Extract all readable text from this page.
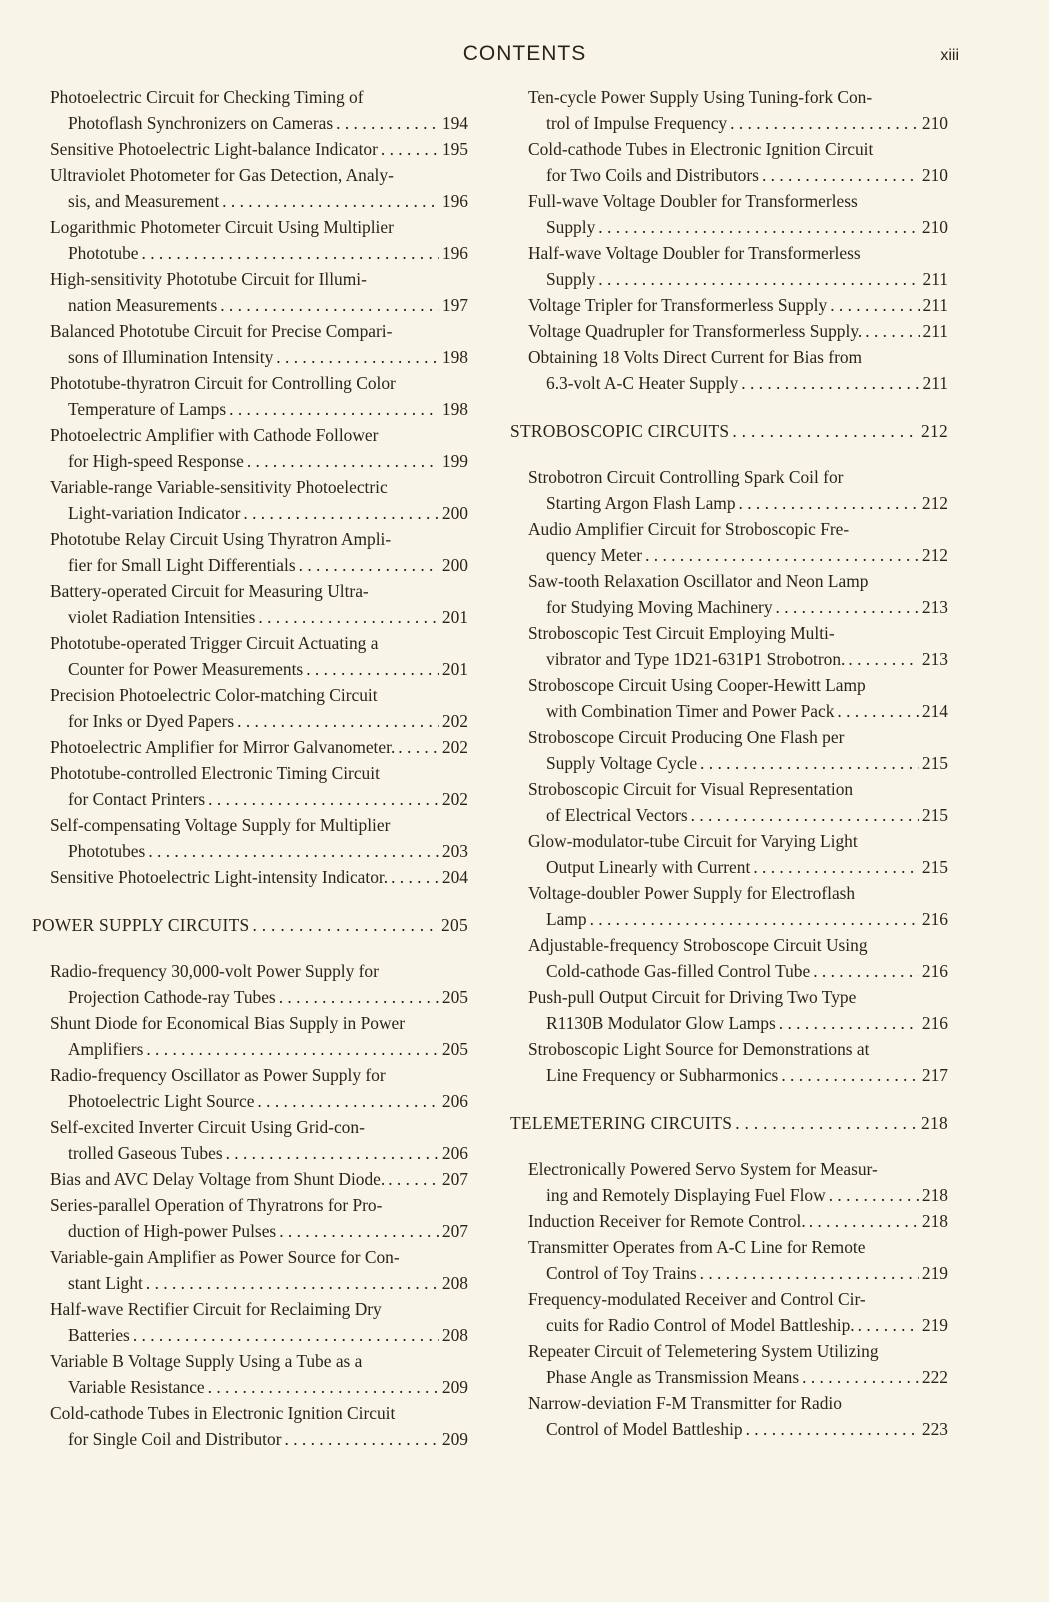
CONTENTS	xiii

Photoelectric Circuit for Checking Timing of
Photoflash Synchronizers on Cameras . . .	194

Sensitive Photoelectric Light-balance Indicator . . .	195

Ultraviolet Photometer for Gas Detection, Analy-
sis, and Measurement . . .	196

Logarithmic Photometer Circuit Using Multiplier
Phototube . . .	196

High-sensitivity Phototube Circuit for Illumi-
nation Measurements . . .	197

Balanced Phototube Circuit for Precise Compari-
sons of Illumination Intensity . . .	198

Phototube-thyratron Circuit for Controlling Color
Temperature of Lamps . . .	198

Photoelectric Amplifier with Cathode Follower
for High-speed Response . . .	199

Variable-range Variable-sensitivity Photoelectric
Light-variation Indicator . . .	200

Phototube Relay Circuit Using Thyratron Ampli-
fier for Small Light Differentials . . .	200

Battery-operated Circuit for Measuring Ultra-
violet Radiation Intensities . . .	201

Phototube-operated Trigger Circuit Actuating a
Counter for Power Measurements . . .	201

Precision Photoelectric Color-matching Circuit
for Inks or Dyed Papers . . .	202

Photoelectric Amplifier for Mirror Galvanometer. . . .	202

Phototube-controlled Electronic Timing Circuit
for Contact Printers . . .	202

Self-compensating Voltage Supply for Multiplier
Phototubes . . .	203

Sensitive Photoelectric Light-intensity Indicator. . . .	204

POWER SUPPLY CIRCUITS . . .	205

Radio-frequency 30,000-volt Power Supply for
Projection Cathode-ray Tubes . . .	205

Shunt Diode for Economical Bias Supply in Power
Amplifiers . . .	205

Radio-frequency Oscillator as Power Supply for
Photoelectric Light Source . . .	206

Self-excited Inverter Circuit Using Grid-con-
trolled Gaseous Tubes . . .	206

Bias and AVC Delay Voltage from Shunt Diode. . . .	207

Series-parallel Operation of Thyratrons for Pro-
duction of High-power Pulses . . .	207

Variable-gain Amplifier as Power Source for Con-
stant Light . . .	208

Half-wave Rectifier Circuit for Reclaiming Dry
Batteries . . .	208

Variable B Voltage Supply Using a Tube as a
Variable Resistance . . .	209

Cold-cathode Tubes in Electronic Ignition Circuit
for Single Coil and Distributor . . .	209

Ten-cycle Power Supply Using Tuning-fork Con-
trol of Impulse Frequency . . .	210

Cold-cathode Tubes in Electronic Ignition Circuit
for Two Coils and Distributors . . .	210

Full-wave Voltage Doubler for Transformerless
Supply . . .	210

Half-wave Voltage Doubler for Transformerless
Supply . . .	211

Voltage Tripler for Transformerless Supply . . .	211

Voltage Quadrupler for Transformerless Supply. . . .	211

Obtaining 18 Volts Direct Current for Bias from
6.3-volt A-C Heater Supply . . .	211

STROBOSCOPIC CIRCUITS . . .	212

Strobotron Circuit Controlling Spark Coil for
Starting Argon Flash Lamp . . .	212

Audio Amplifier Circuit for Stroboscopic Fre-
quency Meter . . .	212

Saw-tooth Relaxation Oscillator and Neon Lamp
for Studying Moving Machinery . . .	213

Stroboscopic Test Circuit Employing Multi-
vibrator and Type 1D21-631P1 Strobotron. . . .	213

Stroboscope Circuit Using Cooper-Hewitt Lamp
with Combination Timer and Power Pack . . .	214

Stroboscope Circuit Producing One Flash per
Supply Voltage Cycle . . .	215

Stroboscopic Circuit for Visual Representation
of Electrical Vectors . . .	215

Glow-modulator-tube Circuit for Varying Light
Output Linearly with Current . . .	215

Voltage-doubler Power Supply for Electroflash
Lamp . . .	216

Adjustable-frequency Stroboscope Circuit Using
Cold-cathode Gas-filled Control Tube . . .	216

Push-pull Output Circuit for Driving Two Type
R1130B Modulator Glow Lamps . . .	216

Stroboscopic Light Source for Demonstrations at
Line Frequency or Subharmonics . . .	217

TELEMETERING CIRCUITS . . .	218

Electronically Powered Servo System for Measur-
ing and Remotely Displaying Fuel Flow . . .	218

Induction Receiver for Remote Control. . . .	218

Transmitter Operates from A-C Line for Remote
Control of Toy Trains . . .	219

Frequency-modulated Receiver and Control Cir-
cuits for Radio Control of Model Battleship. . . .	219

Repeater Circuit of Telemetering System Utilizing
Phase Angle as Transmission Means . . .	222

Narrow-deviation F-M Transmitter for Radio
Control of Model Battleship . . .	223
